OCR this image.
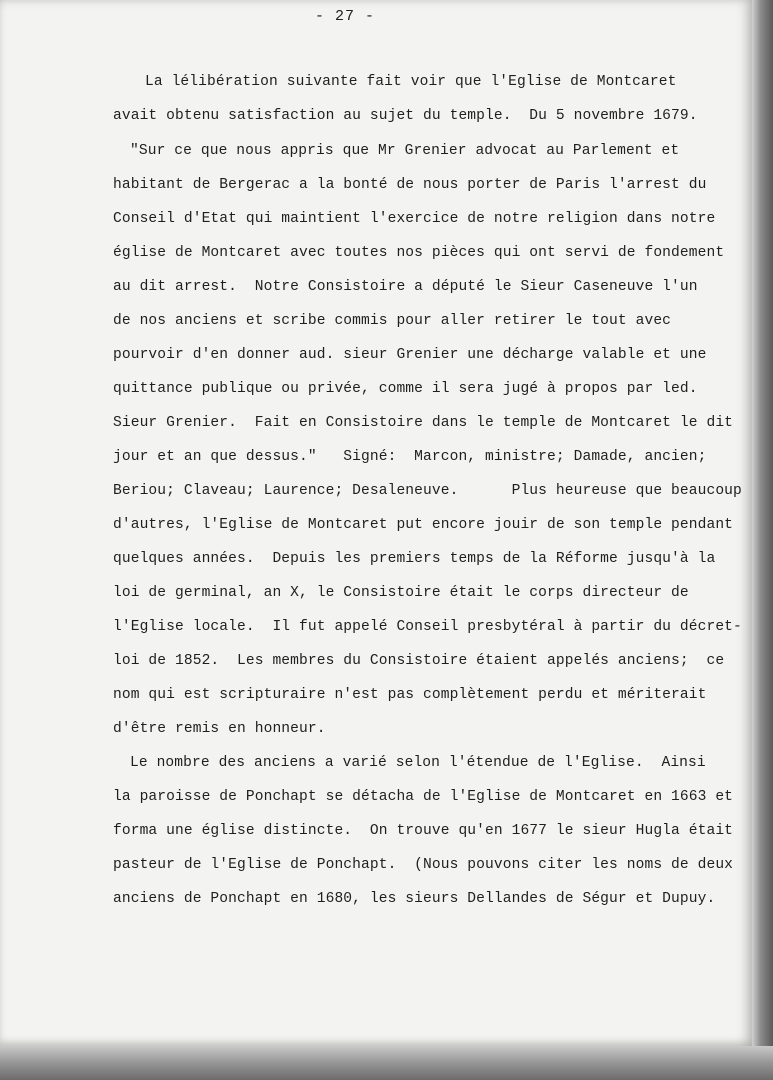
- 27 -
La lélibération suivante fait voir que l'Eglise de Montcaret
avait obtenu satisfaction au sujet du temple.  Du 5 novembre 1679.
"Sur ce que nous appris que Mr Grenier advocat au Parlement et
habitant de Bergerac a la bonté de nous porter de Paris l'arrest du
Conseil d'Etat qui maintient l'exercice de notre religion dans notre
église de Montcaret avec toutes nos pièces qui ont servi de fondement
au dit arrest.  Notre Consistoire a député le Sieur Caseneuve l'un
de nos anciens et scribe commis pour aller retirer le tout avec
pourvoir d'en donner aud. sieur Grenier une décharge valable et une
quittance publique ou privée, comme il sera jugé à propos par led.
Sieur Grenier.  Fait en Consistoire dans le temple de Montcaret le dit
jour et an que dessus."   Signé:  Marcon, ministre; Damade, ancien;
Beriou; Claveau; Laurence; Desaleneuve.      Plus heureuse que beaucoup
d'autres, l'Eglise de Montcaret put encore jouir de son temple pendant
quelques années.  Depuis les premiers temps de la Réforme jusqu'à la
loi de germinal, an X, le Consistoire était le corps directeur de
l'Eglise locale.  Il fut appelé Conseil presbytéral à partir du décret-
loi de 1852.  Les membres du Consistoire étaient appelés anciens;  ce
nom qui est scripturaire n'est pas complètement perdu et mériterait
d'être remis en honneur.
Le nombre des anciens a varié selon l'étendue de l'Eglise.  Ainsi
la paroisse de Ponchapt se détacha de l'Eglise de Montcaret en 1663 et
forma une église distincte.  On trouve qu'en 1677 le sieur Hugla était
pasteur de l'Eglise de Ponchapt.  (Nous pouvons citer les noms de deux
anciens de Ponchapt en 1680, les sieurs Dellandes de Ségur et Dupuy.
